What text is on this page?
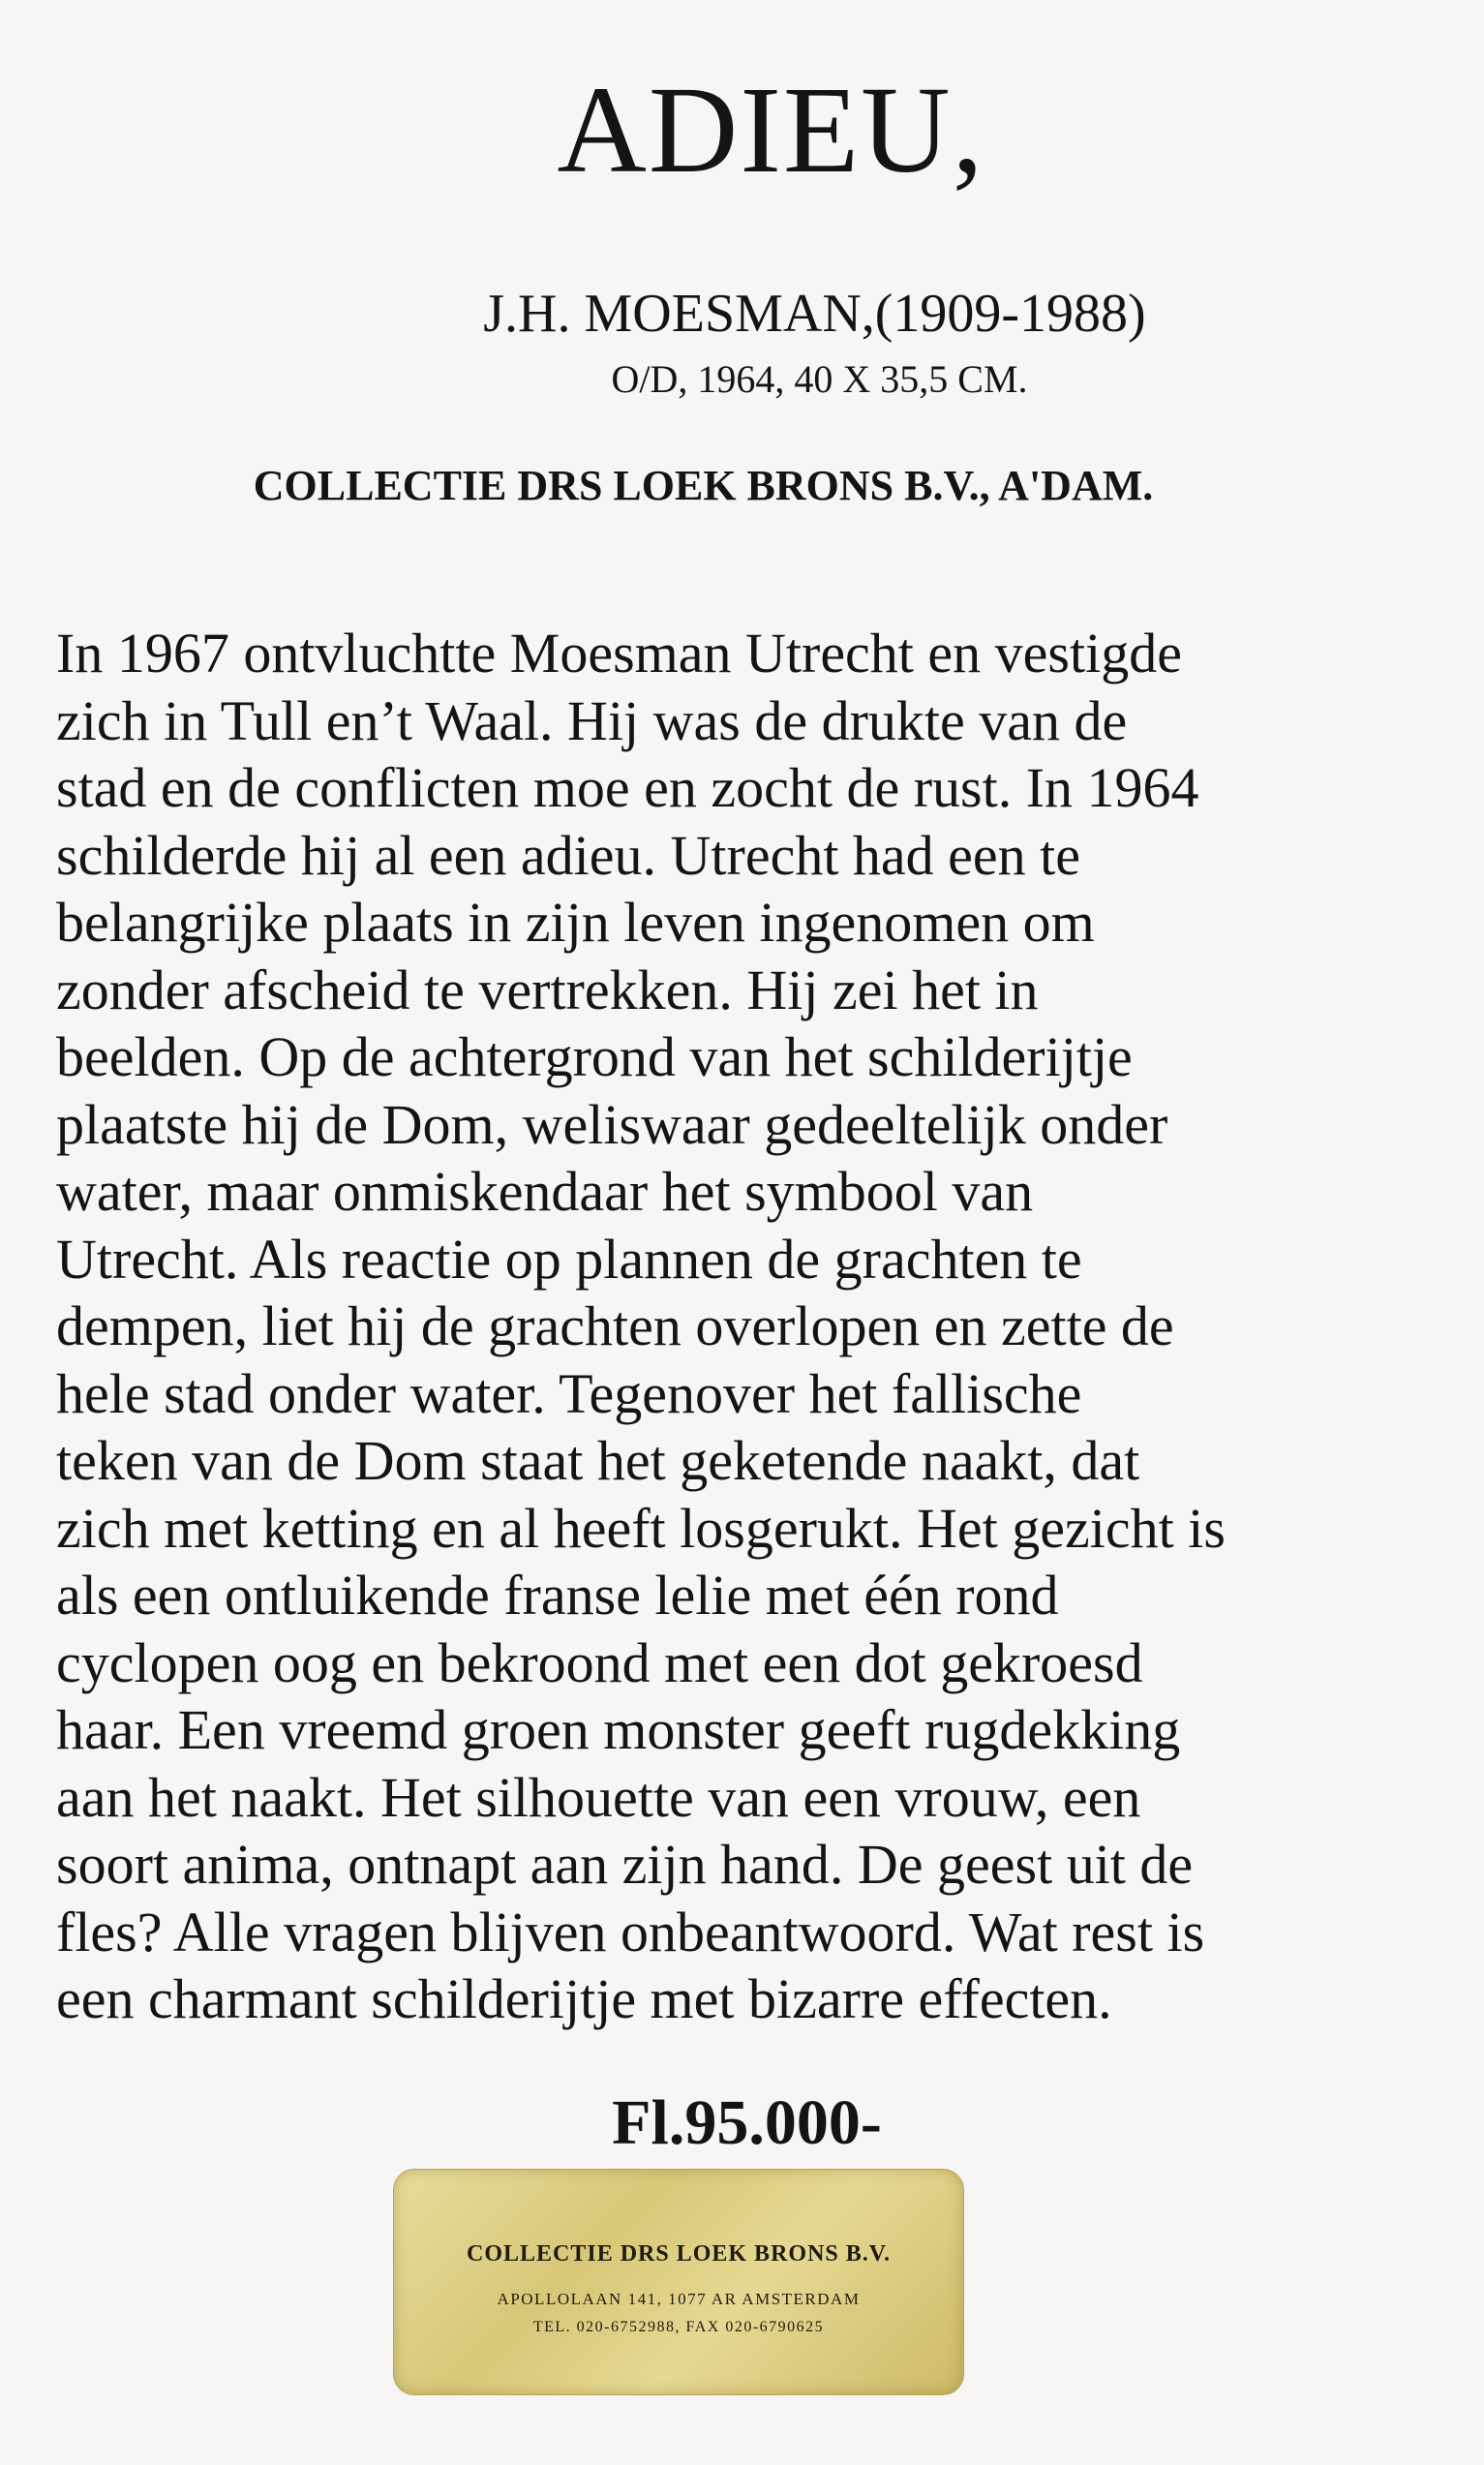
ADIEU,
J.H. MOESMAN,(1909-1988)
O/D, 1964, 40 X 35,5 CM.
COLLECTIE DRS LOEK BRONS B.V., A'DAM.

In 1967 ontvluchtte Moesman Utrecht en vestigde
zich in Tull en’t Waal. Hij was de drukte van de
stad en de conflicten moe en zocht de rust. In 1964
schilderde hij al een adieu. Utrecht had een te
belangrijke plaats in zijn leven ingenomen om
zonder afscheid te vertrekken. Hij zei het in
beelden. Op de achtergrond van het schilderijtje
plaatste hij de Dom, weliswaar gedeeltelijk onder
water, maar onmiskendaar het symbool van
Utrecht. Als reactie op plannen de grachten te
dempen, liet hij de grachten overlopen en zette de
hele stad onder water. Tegenover het fallische
teken van de Dom staat het geketende naakt, dat
zich met ketting en al heeft losgerukt. Het gezicht is
als een ontluikende franse lelie met één rond
cyclopen oog en bekroond met een dot gekroesd
haar. Een vreemd groen monster geeft rugdekking
aan het naakt. Het silhouette van een vrouw, een
soort anima, ontnapt aan zijn hand. De geest uit de
fles? Alle vragen blijven onbeantwoord. Wat rest is
een charmant schilderijtje met bizarre effecten.

Fl.95.000-
COLLECTIE DRS LOEK BRONS B.V.
APOLLOLAAN 141, 1077 AR AMSTERDAM
TEL. 020-6752988, FAX 020-6790625
